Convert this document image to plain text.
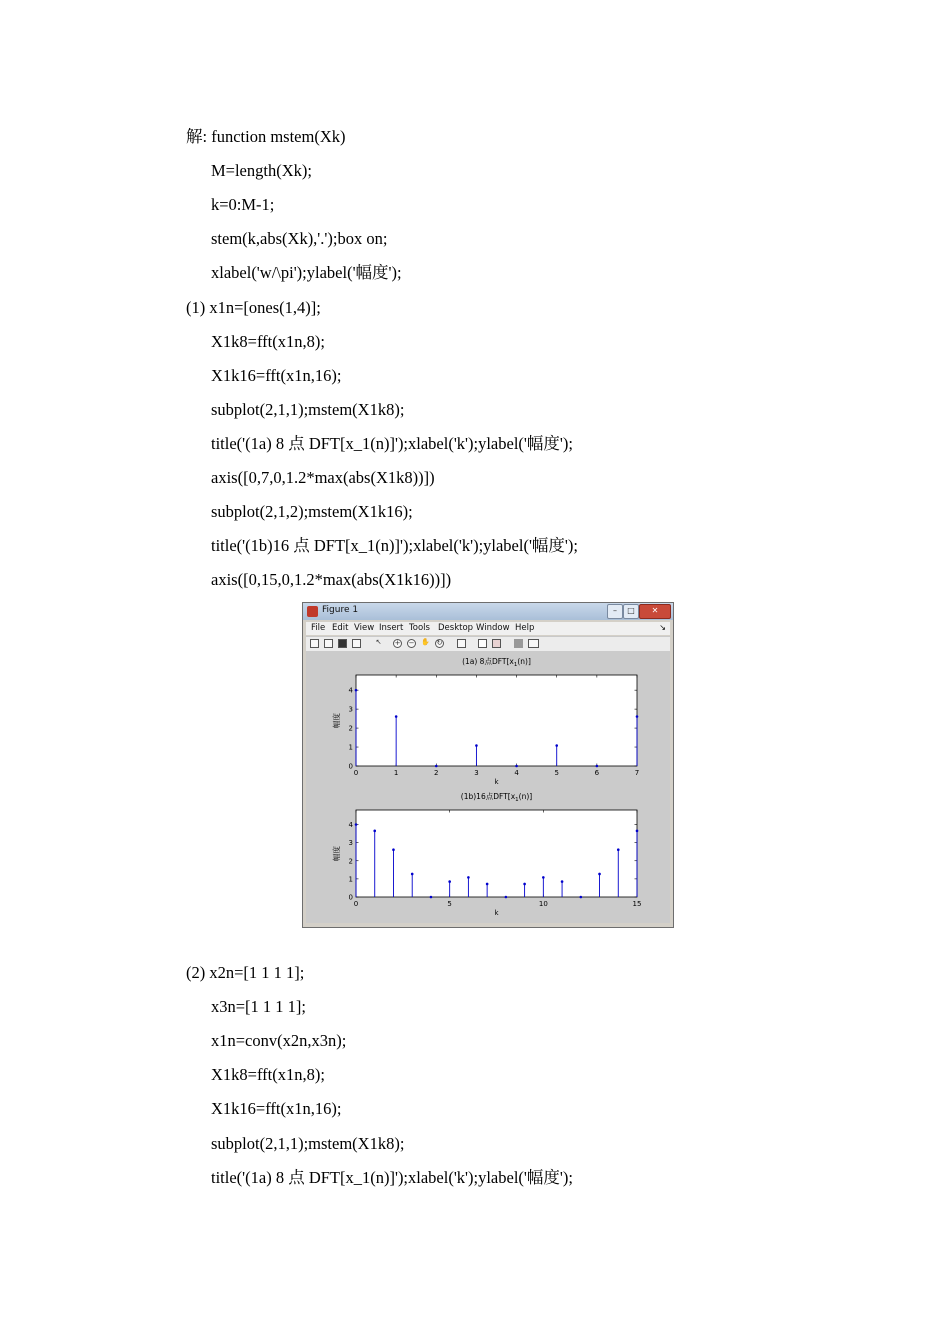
解: function mstem(Xk)
M=length(Xk);
k=0:M-1;
stem(k,abs(Xk),'.');box on;
xlabel('w/\pi');ylabel('幅度');
(1) x1n=[ones(1,4)];
X1k8=fft(x1n,8);
X1k16=fft(x1n,16);
subplot(2,1,1);mstem(X1k8);
title('(1a) 8 点 DFT[x_1(n)]');xlabel('k');ylabel('幅度');
axis([0,7,0,1.2*max(abs(X1k8))])
subplot(2,1,2);mstem(X1k16);
title('(1b)16 点 DFT[x_1(n)]');xlabel('k');ylabel('幅度');
axis([0,15,0,1.2*max(abs(X1k16))])
Figure 1	–	□	✕
File Edit View Insert Tools Desktop Window Help	↘
↖ + − ✋ ↻
(1a) 8点$DFT[x_1(n)]$
0	1	2	3	4	5	6	7
0
1
2
3
4
k
幅度
(1b)16点$DFT[x_1(n)]$
0	5	10	15
0
1
2
3
4
k
幅度
(2) x2n=[1 1 1 1];
x3n=[1 1 1 1];
x1n=conv(x2n,x3n);
X1k8=fft(x1n,8);
X1k16=fft(x1n,16);
subplot(2,1,1);mstem(X1k8);
title('(1a) 8 点 DFT[x_1(n)]');xlabel('k');ylabel('幅度');
